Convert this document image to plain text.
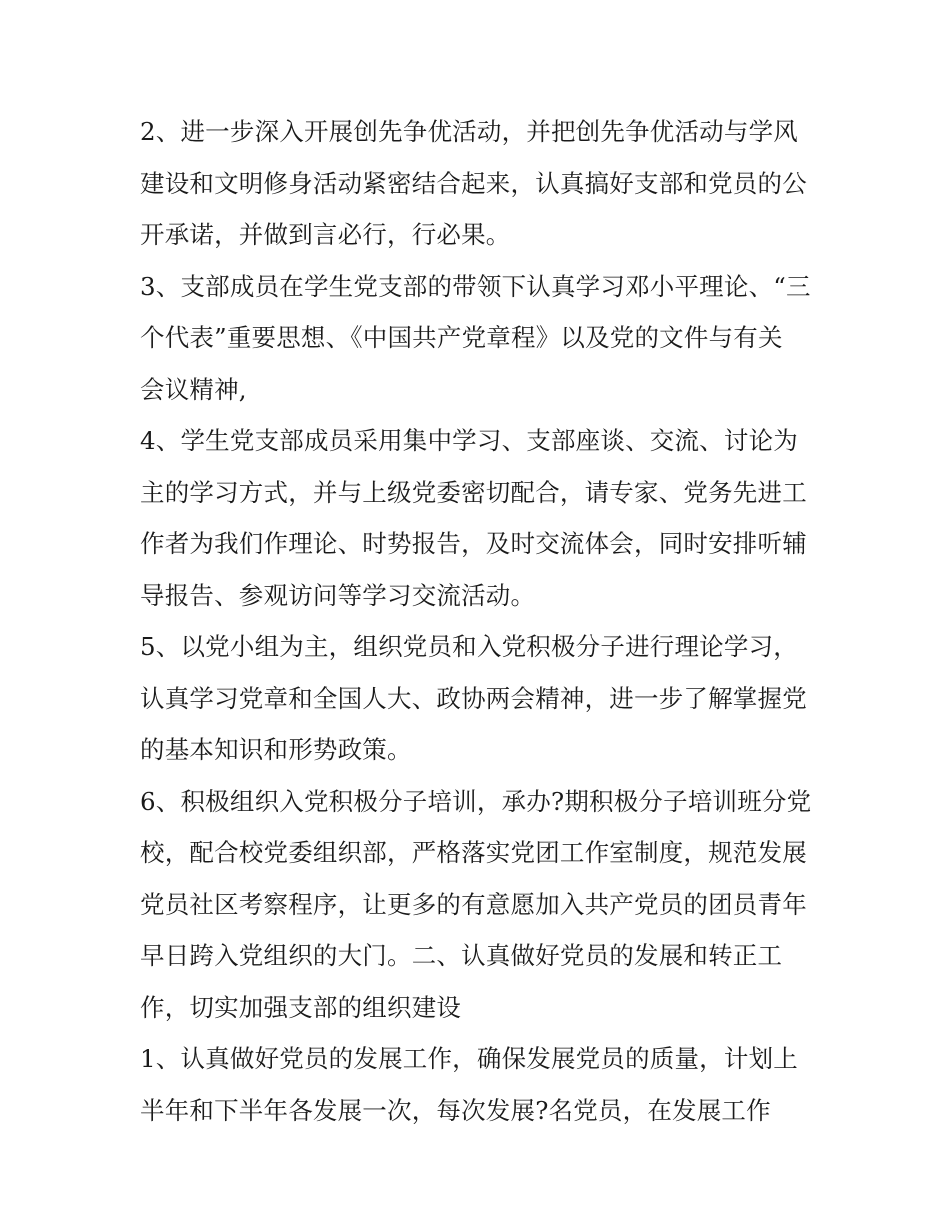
2、进一步深入开展创先争优活动，并把创先争优活动与学风
建设和文明修身活动紧密结合起来，认真搞好支部和党员的公
开承诺，并做到言必行，行必果。
3、支部成员在学生党支部的带领下认真学习邓小平理论、“三
个代表”重要思想、《中国共产党章程》以及党的文件与有关
会议精神,
4、学生党支部成员采用集中学习、支部座谈、交流、讨论为
主的学习方式，并与上级党委密切配合，请专家、党务先进工
作者为我们作理论、时势报告，及时交流体会，同时安排听辅
导报告、参观访问等学习交流活动。
5、以党小组为主，组织党员和入党积极分子进行理论学习，
认真学习党章和全国人大、政协两会精神，进一步了解掌握党
的基本知识和形势政策。
6、积极组织入党积极分子培训，承办?期积极分子培训班分党
校，配合校党委组织部，严格落实党团工作室制度，规范发展
党员社区考察程序，让更多的有意愿加入共产党员的团员青年
早日跨入党组织的大门。二、认真做好党员的发展和转正工
作，切实加强支部的组织建设
1、认真做好党员的发展工作，确保发展党员的质量，计划上
半年和下半年各发展一次，每次发展?名党员，在发展工作
